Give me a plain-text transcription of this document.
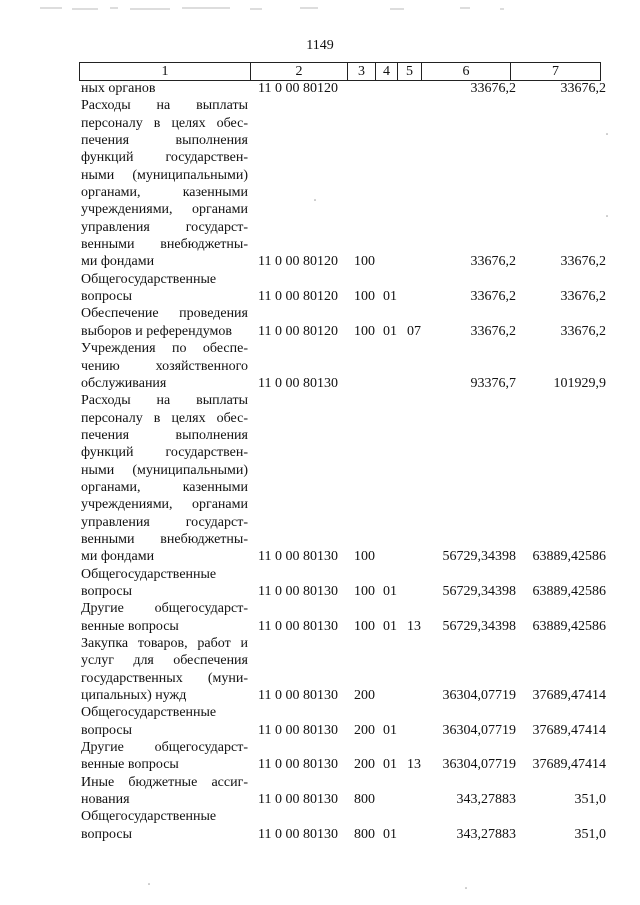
1149
1	2	3	4	5	6	7
ных органов	11 0 00 80120	33676,2	33676,2
Расходы на выплаты
персоналу в целях обес-
печения выполнения
функций государствен-
ными (муниципальными)
органами, казенными
учреждениями, органами
управления государст-
венными внебюджетны-
ми фондами	11 0 00 80120 100	33676,2	33676,2
Общегосударственные
вопросы	11 0 00 80120 100 01	33676,2	33676,2
Обеспечение проведения
выборов и референдумов	11 0 00 80120 100 01 07	33676,2	33676,2
Учреждения по обеспе-
чению хозяйственного
обслуживания	11 0 00 80130	93376,7	101929,9
Расходы на выплаты
персоналу в целях обес-
печения выполнения
функций государствен-
ными (муниципальными)
органами, казенными
учреждениями, органами
управления государст-
венными внебюджетны-
ми фондами	11 0 00 80130 100	56729,34398 63889,42586
Общегосударственные
вопросы	11 0 00 80130 100 01	56729,34398 63889,42586
Другие общегосударст-
венные вопросы	11 0 00 80130 100 01 13 56729,34398 63889,42586
Закупка товаров, работ и
услуг для обеспечения
государственных (муни-
ципальных) нужд	11 0 00 80130 200	36304,07719 37689,47414
Общегосударственные
вопросы	11 0 00 80130 200 01	36304,07719 37689,47414
Другие общегосударст-
венные вопросы	11 0 00 80130 200 01 13 36304,07719 37689,47414
Иные бюджетные ассиг-
нования	11 0 00 80130 800	343,27883	351,0
Общегосударственные
вопросы	11 0 00 80130 800 01	343,27883	351,0
